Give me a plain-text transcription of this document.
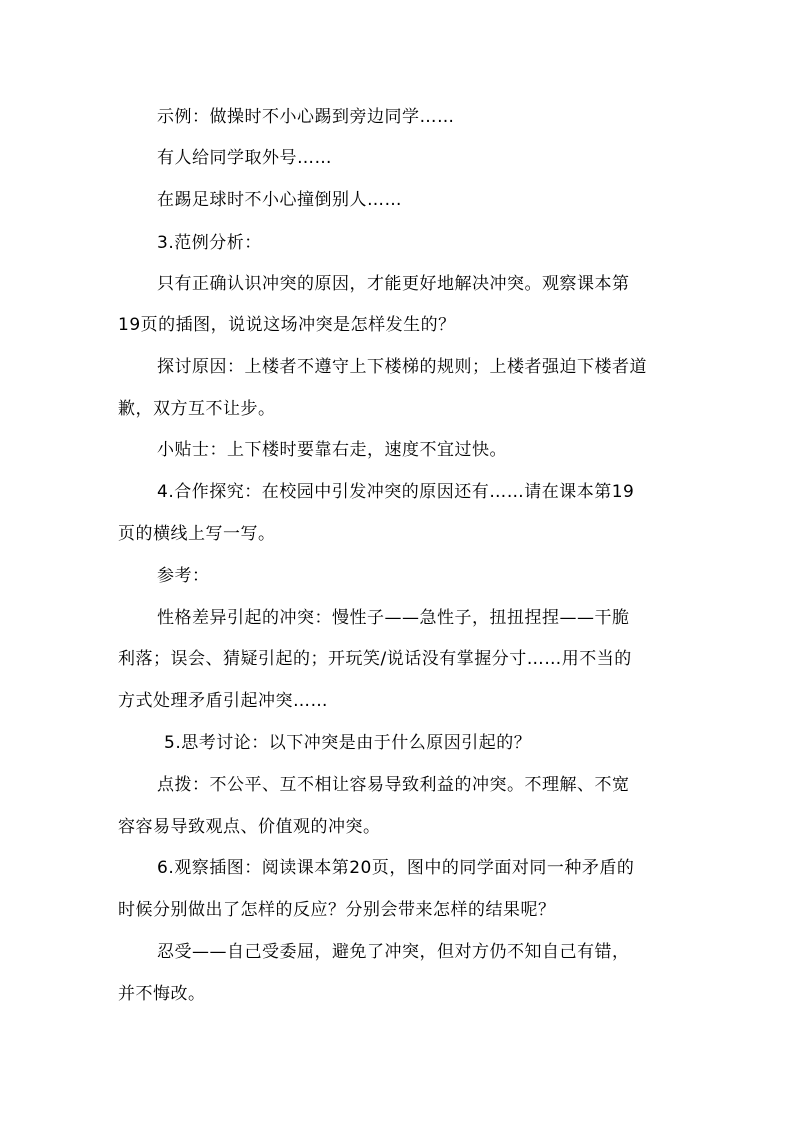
示例：做操时不小心踢到旁边同学……
有人给同学取外号……
在踢足球时不小心撞倒别人……
3.范例分析：
只有正确认识冲突的原因，才能更好地解决冲突。观察课本第
19页的插图，说说这场冲突是怎样发生的？
探讨原因：上楼者不遵守上下楼梯的规则；上楼者强迫下楼者道
歉，双方互不让步。
小贴士：上下楼时要靠右走，速度不宜过快。
4.合作探究：在校园中引发冲突的原因还有……请在课本第19
页的横线上写一写。
参考：
性格差异引起的冲突：慢性子——急性子，扭扭捏捏——干脆
利落；误会、猜疑引起的；开玩笑/说话没有掌握分寸……用不当的
方式处理矛盾引起冲突……
5.思考讨论：以下冲突是由于什么原因引起的？
点拨：不公平、互不相让容易导致利益的冲突。不理解、不宽
容容易导致观点、价值观的冲突。
6.观察插图：阅读课本第20页，图中的同学面对同一种矛盾的
时候分别做出了怎样的反应？分别会带来怎样的结果呢？
忍受——自己受委屈，避免了冲突，但对方仍不知自己有错，
并不悔改。
